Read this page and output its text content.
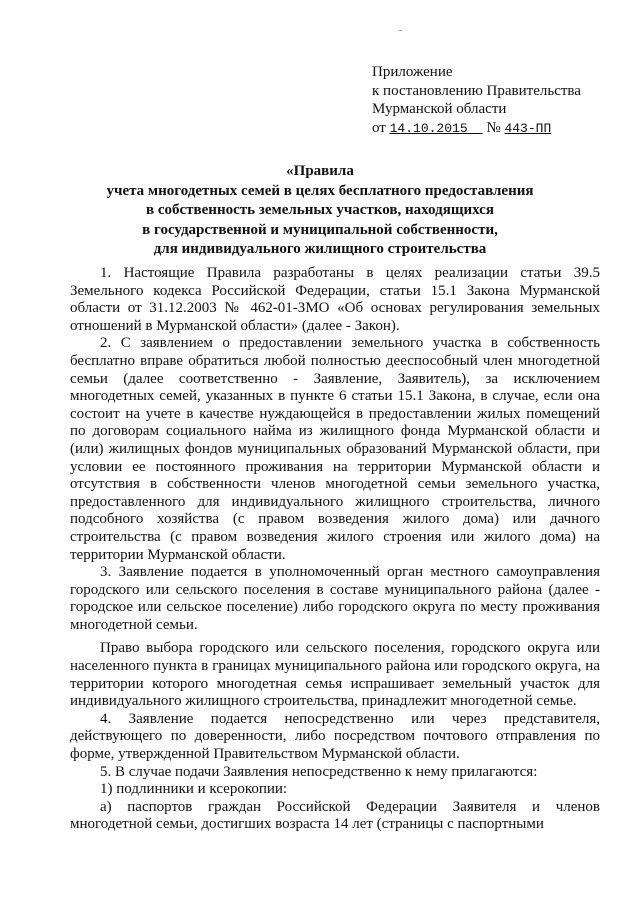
Приложение
к постановлению Правительства
Мурманской области
от 14.10.2015 № 443-ПП
«Правила
учета многодетных семей в целях бесплатного предоставления
в собственность земельных участков, находящихся
в государственной и муниципальной собственности,
для индивидуального жилищного строительства

1. Настоящие Правила разработаны в целях реализации статьи 39.5 Земельного кодекса Российской Федерации, статьи 15.1 Закона Мурманской области от 31.12.2003 № 462-01-ЗМО «Об основах регулирования земельных отношений в Мурманской области» (далее - Закон).

2. С заявлением о предоставлении земельного участка в собственность бесплатно вправе обратиться любой полностью дееспособный член многодетной семьи (далее соответственно - Заявление, Заявитель), за исключением многодетных семей, указанных в пункте 6 статьи 15.1 Закона, в случае, если она состоит на учете в качестве нуждающейся в предоставлении жилых помещений по договорам социального найма из жилищного фонда Мурманской области и (или) жилищных фондов муниципальных образований Мурманской области, при условии ее постоянного проживания на территории Мурманской области и отсутствия в собственности членов многодетной семьи земельного участка, предоставленного для индивидуального жилищного строительства, личного подсобного хозяйства (с правом возведения жилого дома) или дачного строительства (с правом возведения жилого строения или жилого дома) на территории Мурманской области.

3. Заявление подается в уполномоченный орган местного самоуправления городского или сельского поселения в составе муниципального района (далее - городское или сельское поселение) либо городского округа по месту проживания многодетной семьи.

Право выбора городского или сельского поселения, городского округа или населенного пункта в границах муниципального района или городского округа, на территории которого многодетная семья испрашивает земельный участок для индивидуального жилищного строительства, принадлежит многодетной семье.

4. Заявление подается непосредственно или через представителя, действующего по доверенности, либо посредством почтового отправления по форме, утвержденной Правительством Мурманской области.

5. В случае подачи Заявления непосредственно к нему прилагаются:

1) подлинники и ксерокопии:

а) паспортов граждан Российской Федерации Заявителя и членов многодетной семьи, достигших возраста 14 лет (страницы с паспортными
